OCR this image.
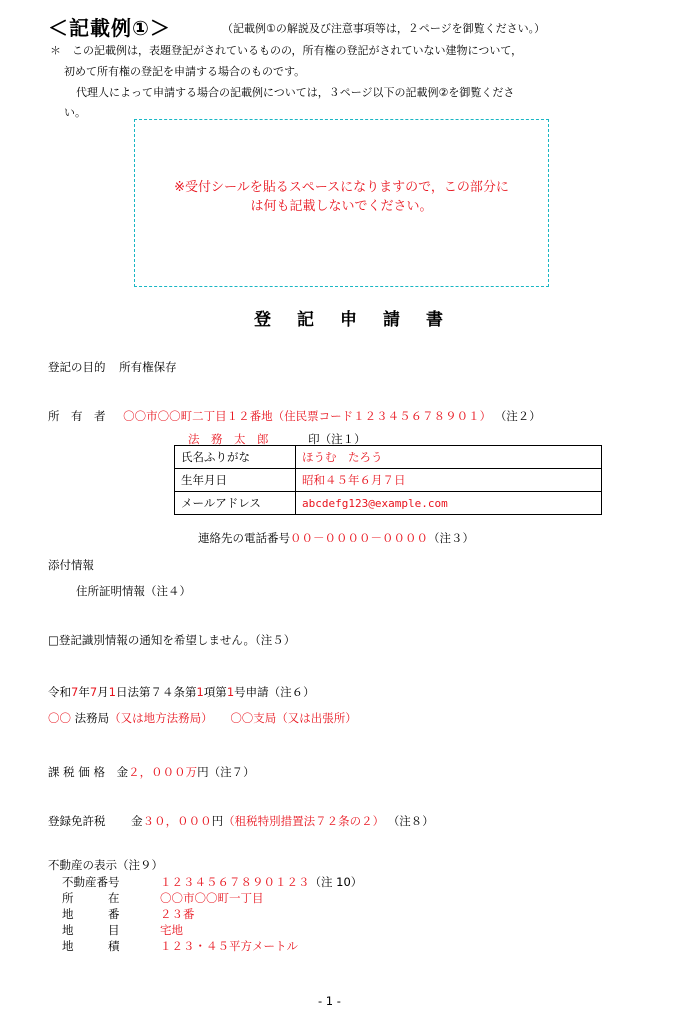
＜記載例①＞	（記載例①の解説及び注意事項等は，２ページを御覧ください。）
＊　この記載例は，表題登記がされているものの，所有権の登記がされていない建物について，
初めて所有権の登記を申請する場合のものです。
代理人によって申請する場合の記載例については，３ページ以下の記載例②を御覧くださ
い。
※受付シールを貼るスペースになりますので，この部分に
は何も記載しないでください。
登記申請書
登記の目的 所有権保存
所　有　者 〇〇市〇〇町二丁目１２番地（住民票コード１２３４５６７８９０１） （注２）
法　務　太　郎	印（注１）
氏名ふりがな	ほうむ　たろう
生年月日	昭和４５年６月７日
メールアドレス	abcdefg123@example.com
連絡先の電話番号００－００００－００００（注３）
添付情報
住所証明情報（注４）
□登記識別情報の通知を希望しません。（注５）
令和7年7月1日法第７４条第1項第1号申請（注６）
〇〇 法務局（又は地方法務局） 〇〇支局（又は出張所）
課 税 価 格 金２，０００万円（注７）
登録免許税 金３０，０００円（租税特別措置法７２条の２） （注８）
不動産の表示（注９）
不動産番号	１２３４５６７８９０１２３（注 10）
所　　　在	〇〇市〇〇町一丁目
地　　　番	２３番
地　　　目	宅地
地　　　積	１２３・４５平方メートル
- 1 -
